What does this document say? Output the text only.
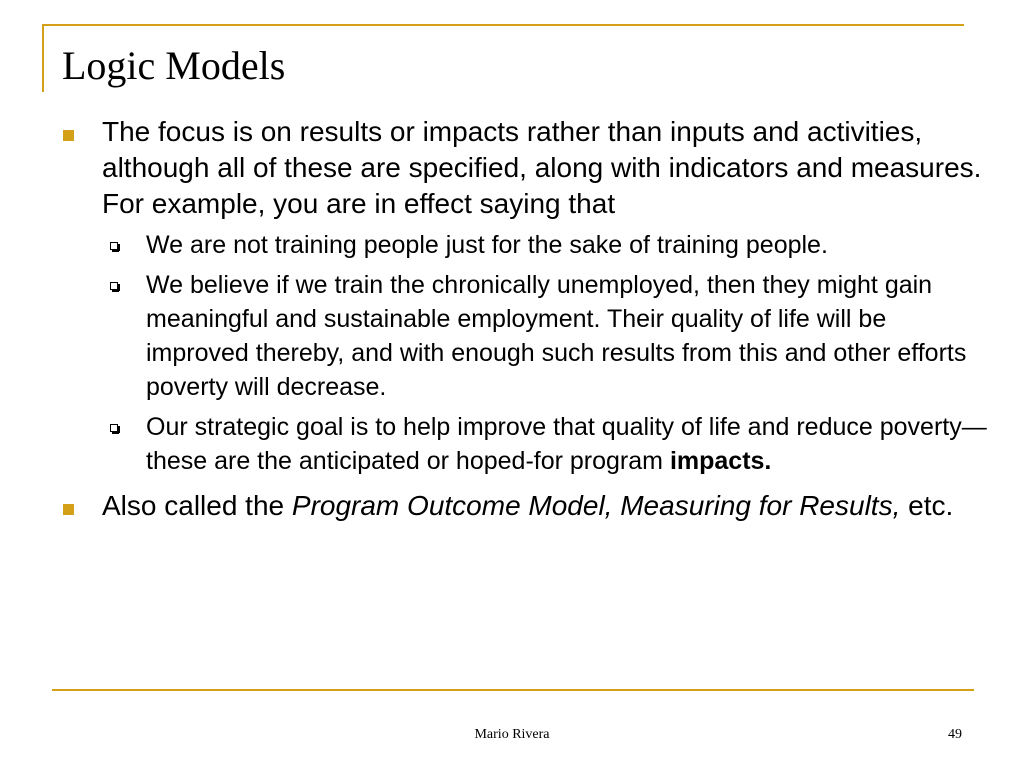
Logic Models
The focus is on results or impacts rather than inputs and activities, although all of these are specified, along with indicators and measures. For example, you are in effect saying that
We are not training people just for the sake of training people.
We believe if we train the chronically unemployed, then they might gain meaningful and sustainable employment. Their quality of life will be improved thereby, and with enough such results from this and other efforts poverty will decrease.
Our strategic goal is to help improve that quality of life and reduce poverty—these are the anticipated or hoped-for program impacts.
Also called the Program Outcome Model, Measuring for Results, etc.
Mario Rivera	49
